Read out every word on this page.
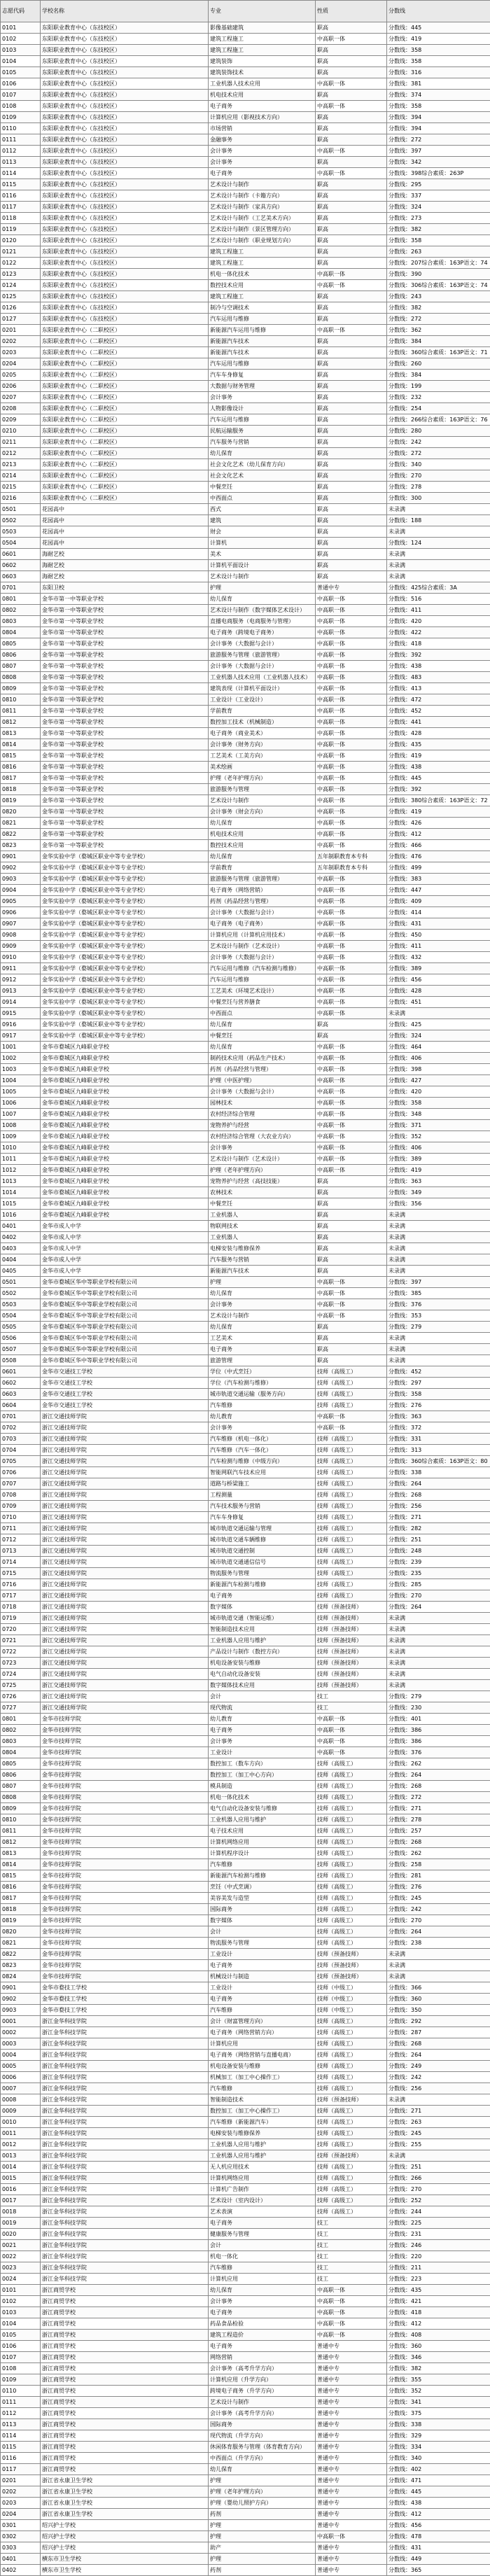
志愿代码	学校名称	专业	性质	分数线
0101	东阳职业教育中心（东技校区）	影像基础建筑	职高	分数线：445
0102	东阳职业教育中心（东技校区）	建筑工程施工	中高职一体	分数线：419
0103	东阳职业教育中心（东技校区）	建筑工程施工	职高	分数线：358
0104	东阳职业教育中心（东技校区）	建筑装饰	职高	分数线：358
0105	东阳职业教育中心（东技校区）	建筑装饰技术	职高	分数线：316
0106	东阳职业教育中心（东技校区）	工业机器人技术应用	中高职一体	分数线：381
0107	东阳职业教育中心（东技校区）	机电技术应用	职高	分数线：374
0108	东阳职业教育中心（东技校区）	电子商务	中高职一体	分数线：358
0109	东阳职业教育中心（东技校区）	计算机应用（影视技术方向）	职高	分数线：394
0110	东阳职业教育中心（东技校区）	市场营销	职高	分数线：394
0111	东阳职业教育中心（东技校区）	金融事务	职高	分数线：272
0112	东阳职业教育中心（东技校区）	会计事务	中高职一体	分数线：397
0113	东阳职业教育中心（东技校区）	会计事务	职高	分数线：342
0114	东阳职业教育中心（东技校区）	电子商务	中高职一体	分数线：398综合素质：263P
0115	东阳职业教育中心（东技校区）	艺术设计与制作	职高	分数线：295
0116	东阳职业教育中心（东技校区）	艺术设计与制作（卡籍方向）	职高	分数线：337
0117	东阳职业教育中心（东技校区）	艺术设计与制作（家具方向）	职高	分数线：324
0118	东阳职业教育中心（东技校区）	艺术设计与制作（工艺美术方向）	职高	分数线：273
0119	东阳职业教育中心（东技校区）	艺术设计与制作（景区管理方向）	职高	分数线：382
0120	东阳职业教育中心（东技校区）	艺术设计与制作（职业规划方向）	职高	分数线：358
0121	东阳职业教育中心（东技校区）	建筑工程施工	职高	分数线：263
0122	东阳职业教育中心（东技校区）	建筑工程施工	职高	分数线：207综合素质：163P语文：74
0123	东阳职业教育中心（东技校区）	机电一体化技术	中高职一体	分数线：390
0124	东阳职业教育中心（东技校区）	数控技术应用	中高职一体	分数线：306综合素质：163P语文：74
0125	东阳职业教育中心（东技校区）	建筑工程施工	职高	分数线：243
0126	东阳职业教育中心（东技校区）	制冷与空调技术	职高	分数线：382
0127	东阳职业教育中心（东技校区）	汽车运用与维修	职高	分数线：272
0201	东阳职业教育中心（二职校区）	新能源汽车运用与维修	中高职一体	分数线：362
0202	东阳职业教育中心（二职校区）	新能源汽车技术	职高	分数线：384
0203	东阳职业教育中心（二职校区）	新能源汽车技术	职高	分数线：360综合素质：163P语文：71
0204	东阳职业教育中心（二职校区）	汽车运用与维修	职高	分数线：260
0205	东阳职业教育中心（二职校区）	汽车车身修复	职高	分数线：384
0206	东阳职业教育中心（二职校区）	大数据与财务管理	职高	分数线：199
0207	东阳职业教育中心（二职校区）	会计事务	职高	分数线：232
0208	东阳职业教育中心（二职校区）	人物影像设计	职高	分数线：254
0209	东阳职业教育中心（二职校区）	汽车运用与维修	职高	分数线：266综合素质：163P语文：76
0210	东阳职业教育中心（二职校区）	民航运输服务	职高	分数线：280
0211	东阳职业教育中心（二职校区）	汽车服务与营销	职高	分数线：242
0212	东阳职业教育中心（二职校区）	幼儿保育	职高	分数线：272
0213	东阳职业教育中心（二职校区）	社会文化艺术（幼儿保育方向）	职高	分数线：340
0214	东阳职业教育中心（二职校区）	社会文化艺术	职高	分数线：270
0215	东阳职业教育中心（二职校区）	中餐烹饪	职高	分数线：278
0216	东阳职业教育中心（二职校区）	中西面点	职高	分数线：300
0501	花园高中	西式	职高	未录满
0502	花园高中	建筑	职高	分数线：188
0503	花园高中	财会	职高	未录满
0504	花园高中	计算机	职高	分数线：124
0601	海耐艺校	美术	职高	未录满
0602	海耐艺校	计算机平面设计	职高	未录满
0603	海耐艺校	艺术设计与制作	职高	未录满
0701	东阳卫校	护理	普通中专	分数线：425综合素质：3A
0801	金华市第一中等职业学校	幼儿保育	中高职一体	分数线：516
0802	金华市第一中等职业学校	艺术设计与制作（数字媒体艺术设计）	中高职一体	分数线：411
0803	金华市第一中等职业学校	直播电商服务（电商服务与管理）	中高职一体	分数线：420
0804	金华市第一中等职业学校	电子商务（跨境电子商务）	中高职一体	分数线：422
0805	金华市第一中等职业学校	会计事务（大数据与会计）	中高职一体	分数线：418
0806	金华市第一中等职业学校	旅游服务与管理（旅游管理）	中高职一体	分数线：392
0807	金华市第一中等职业学校	会计事务（大数据与会计）	中高职一体	分数线：438
0808	金华市第一中等职业学校	工业机器人技术应用（工业机器人技术）	中高职一体	分数线：483
0809	金华市第一中等职业学校	建筑表现（计算机平面设计）	中高职一体	分数线：413
0810	金华市第一中等职业学校	工业设计（工业设计）	中高职一体	分数线：472
0811	金华市第一中等职业学校	学前教育	中高职一体	分数线：452
0812	金华市第一中等职业学校	数控加工技术（机械制造）	中高职一体	分数线：441
0813	金华市第一中等职业学校	电子商务（商业美术）	中高职一体	分数线：428
0814	金华市第一中等职业学校	会计事务（财务方向）	中高职一体	分数线：435
0815	金华市第一中等职业学校	工艺美术（工美方向）	中高职一体	分数线：419
0816	金华市第一中等职业学校	美术绘画	中高职一体	分数线：438
0817	金华市第一中等职业学校	护理（老年护理方向）	中高职一体	分数线：445
0818	金华市第一中等职业学校	旅游服务与管理	中高职一体	分数线：392
0819	金华市第一中等职业学校	艺术设计与制作	中高职一体	分数线：380综合素质：163P语文：72
0820	金华市第一中等职业学校	会计事务（财会方向）	中高职一体	分数线：419
0821	金华市第一中等职业学校	幼儿保育	中高职一体	分数线：426
0822	金华市第一中等职业学校	机电技术应用	中高职一体	分数线：412
0823	金华市第一中等职业学校	数控技术应用	中高职一体	分数线：466
0901	金华实验中学（婺城区职业中等专业学校）	幼儿保育	五年制职教育本专科	分数线：476
0902	金华实验中学（婺城区职业中等专业学校）	学前教育	五年制职教育本专科	分数线：499
0903	金华实验中学（婺城区职业中等专业学校）	旅游服务与管理（旅游管理）	中高职一体	分数线：383
0904	金华实验中学（婺城区职业中等专业学校）	电子商务（网络营销）	中高职一体	分数线：447
0905	金华实验中学（婺城区职业中等专业学校）	药剂（药品经营与管理）	中高职一体	分数线：409
0906	金华实验中学（婺城区职业中等专业学校）	会计事务（大数据与会计）	中高职一体	分数线：414
0907	金华实验中学（婺城区职业中等专业学校）	电子商务（电子商务）	中高职一体	分数线：431
0908	金华实验中学（婺城区职业中等专业学校）	计算机应用（计算机应用技术）	中高职一体	分数线：450
0909	金华实验中学（婺城区职业中等专业学校）	艺术设计与制作（艺术设计）	中高职一体	分数线：411
0910	金华实验中学（婺城区职业中等专业学校）	会计事务（大数据与会计）	中高职一体	分数线：432
0911	金华实验中学（婺城区职业中等专业学校）	汽车运用与维修（汽车检测与维修）	中高职一体	分数线：389
0912	金华实验中学（婺城区职业中等专业学校）	汽车运用与维修	中高职一体	分数线：456
0913	金华实验中学（婺城区职业中等专业学校）	工艺美术（环境艺术设计）	中高职一体	分数线：428
0914	金华实验中学（婺城区职业中等专业学校）	中餐烹饪与营养膳食	中高职一体	分数线：451
0915	金华实验中学（婺城区职业中等专业学校）	中西面点	中高职一体	未录满
0916	金华实验中学（婺城区职业中等专业学校）	幼儿保育	职高	分数线：425
0917	金华实验中学（婺城区职业中等专业学校）	中餐烹饪	职高	分数线：324
1001	金华市婺城区九峰职业学校	幼儿保育	中高职一体	分数线：464
1002	金华市婺城区九峰职业学校	制药技术应用（药品生产技术）	中高职一体	分数线：406
1003	金华市婺城区九峰职业学校	药剂（药品经营与管理）	中高职一体	分数线：398
1004	金华市婺城区九峰职业学校	护理（中医护理）	中高职一体	分数线：427
1005	金华市婺城区九峰职业学校	会计事务（大数据与会计）	中高职一体	分数线：420
1006	金华市婺城区九峰职业学校	园林技术	中高职一体	分数线：358
1007	金华市婺城区九峰职业学校	农村经济综合管理	中高职一体	分数线：348
1008	金华市婺城区九峰职业学校	宠物养护与经营	中高职一体	分数线：371
1009	金华市婺城区九峰职业学校	农村经济综合管理（大农业方向）	中高职一体	分数线：352
1010	金华市婺城区九峰职业学校	会计事务	中高职一体	分数线：406
1011	金华市婺城区九峰职业学校	艺术设计与制作（艺术设计）	中高职一体	分数线：389
1012	金华市婺城区九峰职业学校	护理（老年护理方向）	中高职一体	分数线：419
1013	金华市婺城区九峰职业学校	宠物养护与经营（高技技能）	职高	分数线：363
1014	金华市婺城区九峰职业学校	农林技术	职高	分数线：349
1015	金华市婺城区九峰职业学校	中餐烹饪	职高	分数线：356
1016	金华市婺城区九峰职业学校	工业机器人	职高	未录满
0401	金华市成人中学	物联网技术	职高	未录满
0402	金华市成人中学	工业机器人	职高	未录满
0403	金华市成人中学	电梯安装与维修保养	职高	未录满
0404	金华市成人中学	汽车服务与营销	职高	未录满
0405	金华市成人中学	新能源汽车技术	职高	未录满
0501	金华市婺城区华中等职业学校有限公司	护理	中高职一体	分数线：397
0502	金华市婺城区华中等职业学校有限公司	幼儿保育	中高职一体	分数线：385
0503	金华市婺城区华中等职业学校有限公司	会计事务	中高职一体	分数线：376
0504	金华市婺城区华中等职业学校有限公司	艺术设计与制作	中高职一体	分数线：353
0505	金华市婺城区华中等职业学校有限公司	幼儿保育	职高	分数线：279
0506	金华市婺城区华中等职业学校有限公司	工艺美术	职高	未录满
0507	金华市婺城区华中等职业学校有限公司	电子商务	职高	未录满
0508	金华市婺城区华中等职业学校有限公司	旅游管理	职高	未录满
0601	金华市交通技工学校	学位（中式烹饪）	技师（高级工）	分数线：452
0602	金华市交通技工学校	学位（汽车检测与维修）	技师（高级工）	分数线：297
0603	金华市交通技工学校	城市轨道交通运输（服务方向）	技师（高级工）	分数线：358
0604	金华市交通技工学校	汽车维修	技师（高级工）	分数线：276
0701	浙江交通技师学院	幼儿教育	中高职一体	分数线：363
0702	浙江交通技师学院	会计事务	中高职一体	分数线：372
0703	浙江交通技师学院	汽车维修（机电一体化）	技师（高级工）	分数线：331
0704	浙江交通技师学院	汽车维修（汽车一体化）	技师（高级工）	分数线：313
0705	浙江交通技师学院	汽车检测与维修（中级方向）	技师（高级工）	分数线：360综合素质：163P语文：80
0706	浙江交通技师学院	智能网联汽车技术应用	技师（高级工）	分数线：338
0707	浙江交通技师学院	道路与桥梁施工	技师（高级工）	分数线：264
0708	浙江交通技师学院	工程测量	技师（高级工）	分数线：268
0709	浙江交通技师学院	汽车技术服务与营销	技师（高级工）	分数线：256
0710	浙江交通技师学院	汽车车身修复	技师（高级工）	分数线：271
0711	浙江交通技师学院	城市轨道交通运输与管理	技师（高级工）	分数线：282
0712	浙江交通技师学院	城市轨道交通车辆维修	技师（高级工）	分数线：251
0713	浙江交通技师学院	城市轨道交通控制	技师（高级工）	分数线：248
0714	浙江交通技师学院	城市轨道交通通信信号	技师（高级工）	分数线：239
0715	浙江交通技师学院	物流服务与管理	技师（高级工）	分数线：235
0716	浙江交通技师学院	新能源汽车检测与维修	技师（高级工）	分数线：285
0717	浙江交通技师学院	电子商务	技师（高级工）	分数线：270
0718	浙江交通技师学院	数字媒体	技师（预备技师）	分数线：264
0719	浙江交通技师学院	城市轨道交通（智能运维）	技师（预备技师）	未录满
0720	浙江交通技师学院	智能制造技术应用	技师（预备技师）	未录满
0721	浙江交通技师学院	工业机器人应用与维护	技师（预备技师）	未录满
0722	浙江交通技师学院	产品设计与制作（数控方向）	技师（预备技师）	未录满
0723	浙江交通技师学院	机电设备安装与维修	技师（预备技师）	未录满
0724	浙江交通技师学院	电气自动化设备安装	技师（预备技师）	未录满
0725	浙江交通技师学院	数字媒体技术应用	技师（预备技师）	未录满
0726	浙江交通技师学院	会计	技工	分数线：279
0727	浙江交通技师学院	现代物流	技工	分数线：230
0801	金华市技师学院	幼儿教育	中高职一体	分数线：401
0802	金华市技师学院	电子商务	中高职一体	分数线：386
0803	金华市技师学院	会计事务	中高职一体	分数线：386
0804	金华市技师学院	工业设计	中高职一体	分数线：376
0805	金华市技师学院	数控加工（数车方向）	技师（高级工）	分数线：262
0806	金华市技师学院	数控加工（加工中心方向）	技师（高级工）	分数线：264
0807	金华市技师学院	模具制造	技师（高级工）	分数线：268
0808	金华市技师学院	机电一体化技术	技师（高级工）	分数线：272
0809	金华市技师学院	电气自动化设备安装与维修	技师（高级工）	分数线：271
0810	金华市技师学院	工业机器人应用与维护	技师（高级工）	分数线：278
0811	金华市技师学院	电子技术应用	技师（高级工）	分数线：257
0812	金华市技师学院	计算机网络应用	技师（高级工）	分数线：268
0813	金华市技师学院	计算机程序设计	技师（高级工）	分数线：262
0814	金华市技师学院	汽车维修	技师（高级工）	分数线：258
0815	金华市技师学院	新能源汽车检测与维修	技师（高级工）	分数线：281
0816	金华市技师学院	烹饪（中式烹调）	技师（高级工）	分数线：276
0817	金华市技师学院	美容美发与造型	技师（高级工）	分数线：245
0818	金华市技师学院	国际商务	技师（高级工）	分数线：242
0819	金华市技师学院	数字媒体	技师（高级工）	分数线：270
0820	金华市技师学院	会计	技师（高级工）	分数线：264
0821	金华市技师学院	物流服务与管理	技师（高级工）	分数线：238
0822	金华市技师学院	工业设计	技师（预备技师）	未录满
0823	金华市技师学院	电子商务	技师（预备技师）	未录满
0824	金华市技师学院	机械设计与制造	技师（预备技师）	未录满
0901	金华市婺技工学校	工业设计	技师（中级工）	分数线：366
0902	金华市婺技工学校	电子商务	技师（中级工）	分数线：360
0903	金华市婺技工学校	汽车维修	技师（中级工）	分数线：350
0001	浙江金华科技学院	会计（财富管理方向）	技师（高级工）	分数线：292
0002	浙江金华科技学院	电子商务（网络营销方向）	技师（高级工）	分数线：287
0003	浙江金华科技学院	计算机应用	技师（高级工）	分数线：268
0004	浙江金华科技学院	电子商务（网络营销与直播电商）	技师（高级工）	分数线：264
0005	浙江金华科技学院	机电设备安装与维修	技师（高级工）	分数线：249
0006	浙江金华科技学院	机械加工（加工中心操作工）	技师（高级工）	分数线：242
0007	浙江金华科技学院	汽车维修	技师（高级工）	分数线：256
0008	浙江金华科技学院	智能制造技术	技师（预备技师）	未录满
0009	浙江金华科技学院	数控加工（加工中心操作工）	技师（高级工）	分数线：271
0010	浙江金华科技学院	汽车维修（新能源汽车）	技师（高级工）	分数线：263
0011	浙江金华科技学院	电梯安装与维修保养	技师（高级工）	分数线：245
0012	浙江金华科技学院	工业机器人应用与维护	技师（高级工）	分数线：255
0013	浙江金华科技学院	工业机器人应用与维护	技师（预备技师）	未录满
0014	浙江金华科技学院	无人机应用技术	技师（高级工）	分数线：251
0015	浙江金华科技学院	计算机网络应用	技师（高级工）	分数线：266
0016	浙江金华科技学院	计算机广告制作	技师（高级工）	分数线：270
0017	浙江金华科技学院	艺术设计（室内设计）	技师（高级工）	分数线：252
0018	浙江金华科技学院	艺术表演	技师（高级工）	分数线：244
0019	浙江金华科技学院	电子商务	技工	分数线：225
0020	浙江金华科技学院	健康服务与管理	技工	分数线：231
0021	浙江金华科技学院	会计	技工	分数线：246
0022	浙江金华科技学院	机电一体化	技工	分数线：220
0023	浙江金华科技学院	汽车维修	技工	分数线：211
0024	浙江金华科技学院	计算机应用	技工	分数线：223
0101	浙江商贸学校	幼儿保育	中高职一体	分数线：435
0102	浙江商贸学校	会计事务	中高职一体	分数线：421
0103	浙江商贸学校	电子商务	中高职一体	分数线：418
0104	浙江商贸学校	药品食品检验	中高职一体	分数线：412
0105	浙江商贸学校	建筑工程造价	中高职一体	分数线：408
0106	浙江商贸学校	电子商务	普通中专	分数线：360
0107	浙江商贸学校	网络营销	普通中专	分数线：346
0108	浙江商贸学校	会计事务（高考升学方向）	普通中专	分数线：382
0109	浙江商贸学校	计算机应用（升学方向）	普通中专	分数线：355
0110	浙江商贸学校	跨境电子商务（升学方向）	普通中专	分数线：352
0111	浙江商贸学校	艺术设计与制作	普通中专	分数线：341
0112	浙江商贸学校	会计事务（高考升学方向）	普通中专	分数线：375
0113	浙江商贸学校	国际商务	普通中专	分数线：338
0114	浙江商贸学校	现代物流（升学方向）	普通中专	分数线：329
0115	浙江商贸学校	休闲体育服务与管理（体育教育方向）	普通中专	分数线：334
0116	浙江商贸学校	中西面点（升学方向）	普通中专	分数线：340
0117	浙江商贸学校	幼儿保育	普通中专	分数线：402
0201	浙江省永康卫生学校	护理	普通中专	分数线：471
0202	浙江省永康卫生学校	护理（老年护理方向）	普通中专	分数线：445
0203	浙江省永康卫生学校	护理（婴幼儿照护方向）	普通中专	分数线：438
0204	浙江省永康卫生学校	药剂	普通中专	分数线：412
0301	绍兴护士学校	护理	普通中专	分数线：456
0302	绍兴护士学校	护理	中高职一体	分数线：478
0303	绍兴护士学校	助产	普通中专	分数线：431
0401	横东市卫生学校	护理	普通中专	分数线：449
0402	横东市卫生学校	药剂	普通中专	分数线：365
